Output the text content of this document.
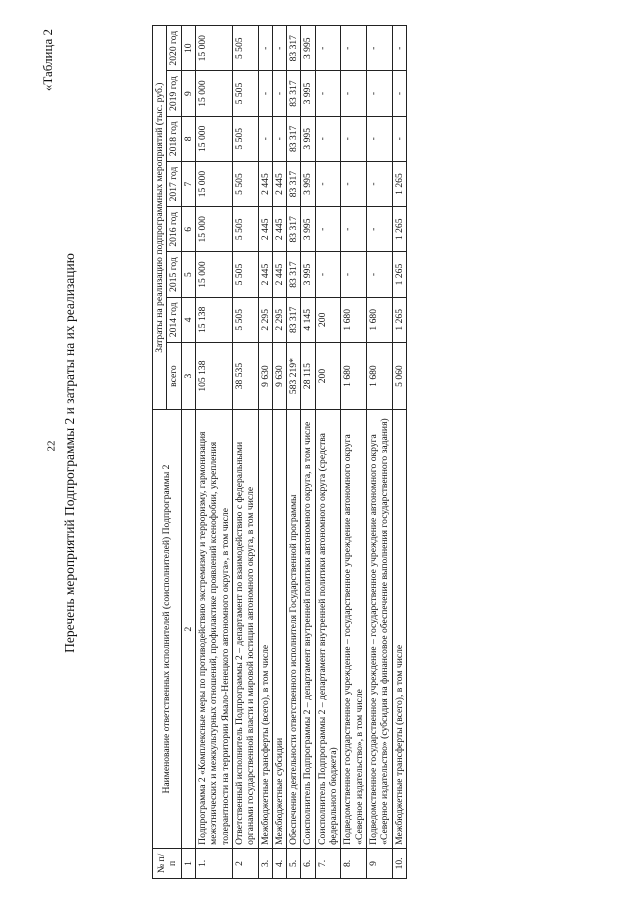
22
«Таблица 2
Перечень мероприятий Подпрограммы 2 и затраты на их реализацию
№ п/п	Наименование ответственных исполнителей (соисполнителей) Подпрограммы 2	Затраты на реализацию подпрограммных мероприятий (тыс. руб.)							
		всего	2014 год	2015 год	2016 год	2017 год	2018 год	2019 год	2020 год
1	2	3	4	5	6	7	8	9	10
1.	Подпрограмма 2 «Комплексные меры по противодействию экстремизму и терроризму, гармонизация межэтнических и межкультурных отношений, профилактике проявлений ксенофобии, укрепления толерантности на территории Ямало-Ненецкого автономного округа», в том числе	105 138	15 138	15 000	15 000	15 000	15 000	15 000	15 000
2	Ответственный исполнитель Подпрограммы 2 – департамент по взаимодействию с федеральными органами государственной власти и мировой юстиции автономного округа, в том числе	38 535	5 505	5 505	5 505	5 505	5 505	5 505	5 505
3.	Межбюджетные трансферты (всего), в том числе	9 630	2 295	2 445	2 445	2 445	-	-	-
4.	Межбюджетные субсидии	9 630	2 295	2 445	2 445	2 445	-	-	-
5.	Обеспечение деятельности ответственного исполнителя Государственной программы	583 219*	83 317	83 317	83 317	83 317	83 317	83 317	83 317
6.	Соисполнитель Подпрограммы 2 – департамент внутренней политики автономного округа, в том числе	28 115	4 145	3 995	3 995	3 995	3 995	3 995	3 995
7.	Соисполнитель Подпрограммы 2 – департамент внутренней политики автономного округа (средства федерального бюджета)	200	200	-	-	-	-	-	-
8.	Подведомственное государственное учреждение – государственное учреждение автономного округа «Северное издательство», в том числе	1 680	1 680	-	-	-	-	-	-
9	Подведомственное государственное учреждение – государственное учреждение автономного округа «Северное издательство» (субсидия на финансовое обеспечение выполнения государственного задания)	1 680	1 680	-	-	-	-	-	-
10.	Межбюджетные трансферты (всего), в том числе	5 060	1 265	1 265	1 265	1 265	-	-	-
